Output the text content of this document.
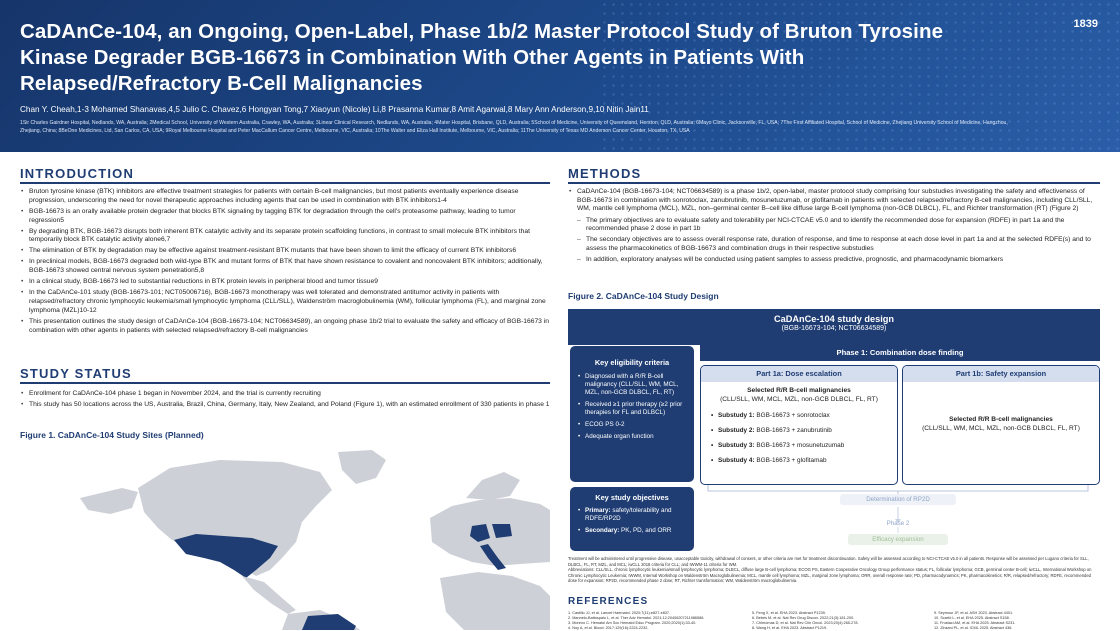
CaDAnCe-104, an Ongoing, Open-Label, Phase 1b/2 Master Protocol Study of Bruton Tyrosine Kinase Degrader BGB-16673 in Combination With Other Agents in Patients With Relapsed/Refractory B-Cell Malignancies
1839
Chan Y. Cheah,1-3 Mohamed Shanavas,4,5 Julio C. Chavez,6 Hongyan Tong,7 Xiaoyun (Nicole) Li,8 Prasanna Kumar,8 Amit Agarwal,8 Mary Ann Anderson,9,10 Nitin Jain11
1Sir Charles Gairdner Hospital, Nedlands, WA, Australia; 2Medical School, University of Western Australia, Crawley, WA, Australia; 3Linear Clinical Research, Nedlands, WA, Australia; 4Mater Hospital, Brisbane, QLD, Australia; 5School of Medicine, University of Queensland, Herston, QLD, Australia; 6Mayo Clinic, Jacksonville, FL, USA; 7The First Affiliated Hospital, School of Medicine, Zhejiang University School of Medicine, Hangzhou, Zhejiang, China; 8BeOne Medicines, Ltd, San Carlos, CA, USA; 9Royal Melbourne Hospital and Peter MacCallum Cancer Centre, Melbourne, VIC, Australia; 10The Walter and Eliza Hall Institute, Melbourne, VIC, Australia; 11The University of Texas MD Anderson Cancer Center, Houston, TX, USA
INTRODUCTION
• Bruton tyrosine kinase (BTK) inhibitors are effective treatment strategies for patients with certain B-cell malignancies, but most patients eventually experience disease progression, underscoring the need for novel therapeutic approaches including agents that can be used in combination with BTK inhibitors1-4
• BGB-16673 is an orally available protein degrader that blocks BTK signaling by tagging BTK for degradation through the cell's proteasome pathway, leading to tumor regression5
• By degrading BTK, BGB-16673 disrupts both inherent BTK catalytic activity and its separate protein scaffolding functions, in contrast to small molecule BTK inhibitors that temporarily block BTK catalytic activity alone6,7
• The elimination of BTK by degradation may be effective against treatment-resistant BTK mutants that have been shown to limit the efficacy of current BTK inhibitors6
• In preclinical models, BGB-16673 degraded both wild-type BTK and mutant forms of BTK that have shown resistance to covalent and noncovalent BTK inhibitors; additionally, BGB-16673 showed central nervous system penetration5,8
• In a clinical study, BGB-16673 led to substantial reductions in BTK protein levels in peripheral blood and tumor tissue9
• In the CaDAnCe-101 study (BGB-16673-101; NCT05006716), BGB-16673 monotherapy was well tolerated and demonstrated antitumor activity in patients with relapsed/refractory chronic lymphocytic leukemia/small lymphocytic lymphoma (CLL/SLL), Waldenström macroglobulinemia (WM), follicular lymphoma (FL), and marginal zone lymphoma (MZL)10-12
• This presentation outlines the study design of CaDAnCe-104 (BGB-16673-104; NCT06634589), an ongoing phase 1b/2 trial to evaluate the safety and efficacy of BGB-16673 in combination with other agents in patients with selected relapsed/refractory B-cell malignancies
STUDY STATUS
• Enrollment for CaDAnCe-104 phase 1 began in November 2024, and the trial is currently recruiting
• This study has 50 locations across the US, Australia, Brazil, China, Germany, Italy, New Zealand, and Poland (Figure 1), with an estimated enrollment of 330 patients in phase 1
Figure 1. CaDAnCe-104 Study Sites (Planned)
METHODS
• CaDAnCe-104 (BGB-16673-104; NCT06634589) is a phase 1b/2, open-label, master protocol study comprising four substudies investigating the safety and effectiveness of BGB-16673 in combination with sonrotoclax, zanubrutinib, mosunetuzumab, or glofitamab in patients with selected relapsed/refractory B-cell malignancies, including CLL/SLL, WM, mantle cell lymphoma (MCL), MZL, non–germinal center B–cell like diffuse large B-cell lymphoma (non-GCB DLBCL), FL, and Richter transformation (RT) (Figure 2)
– The primary objectives are to evaluate safety and tolerability per NCI-CTCAE v5.0 and to identify the recommended dose for expansion (RDFE) in part 1a and the recommended phase 2 dose in part 1b
– The secondary objectives are to assess overall response rate, duration of response, and time to response at each dose level in part 1a and at the selected RDFE(s) and to assess the pharmacokinetics of BGB-16673 and combination drugs in their respective substudies
– In addition, exploratory analyses will be conducted using patient samples to assess predictive, prognostic, and pharmacodynamic biomarkers
Figure 2. CaDAnCe-104 Study Design
CaDAnCe-104 study design
(BGB-16673-104; NCT06634589)
Key eligibility criteria
• Diagnosed with a R/R B-cell malignancy (CLL/SLL, WM, MCL, MZL, non-GCB DLBCL, FL, RT)
• Received ≥1 prior therapy (≥2 prior therapies for FL and DLBCL)
• ECOG PS 0-2
• Adequate organ function
Key study objectives
• Primary: safety/tolerability and RDFE/RP2D
• Secondary: PK, PD, and ORR
Phase 1: Combination dose finding
Part 1a: Dose escalation
Selected R/R B-cell malignancies
(CLL/SLL, WM, MCL, MZL, non-GCB DLBCL, FL, RT)
• Substudy 1: BGB-16673 + sonrotoclax
• Substudy 2: BGB-16673 + zanubrutinib
• Substudy 3: BGB-16673 + mosunetuzumab
• Substudy 4: BGB-16673 + glofitamab
Part 1b: Safety expansion
Selected R/R B-cell malignancies
(CLL/SLL, WM, MCL, MZL, non-GCB DLBCL, FL, RT)
Determination of RP2D
Phase 2
Efficacy expansion
Treatment will be administered until progressive disease, unacceptable toxicity, withdrawal of consent, or other criteria are met for treatment discontinuation. Safety will be assessed according to NCI-CTCAE v5.0 in all patients. Response will be assessed per Lugano criteria for SLL, DLBCL, FL, RT, MZL, and MCL; iwCLL 2018 criteria for CLL; and IWWM-11 criteria for WM.
Abbreviations: CLL/SLL, chronic lymphocytic leukemia/small lymphocytic lymphoma; DLBCL, diffuse large B-cell lymphoma; ECOG PS, Eastern Cooperative Oncology Group performance status; FL, follicular lymphoma; GCB, germinal center B-cell; iwCLL, International Workshop on Chronic Lymphocytic Leukemia; IWWM, Internal Workshop on Waldenström Macroglobulinemia; MCL, mantle cell lymphoma; MZL, marginal zone lymphoma; ORR, overall response rate; PD, pharmacodynamics; PK, pharmacokinetics; R/R, relapsed/refractory; RDFE, recommended dose for expansion; RP2D, recommended phase 2 dose; RT, Richter transformation; WM, Waldenström macroglobulinemia.
REFERENCES
1. Castillo JJ, et al. Lancet Haematol. 2020;7(11):e827-e837.
2. Mannelo-Battospalo L, et al. Ther Adv Hematol. 2021;12:20406207211986586.
3. Moreno C. Hematol Am Soc Hematol Educ Program. 2020;2020(1):33-40.
4. Noy A, et al. Blood. 2017;129(16):2224-2232.
5. Feng X, et al. EHA 2023. Abstract P1239.
6. Bebés M, et al. Nat Rev Drug Discov. 2022;21(3):181-200.
7. Chirnomas D, et al. Nat Rev Clin Oncol. 2023;20(4):265-278.
8. Wang H, et al. EHA 2023. Abstract P1219.
9. Seymour JF, et al. ASH 2023. Abstract 4401.
10. Scarfò L, et al. EHA 2025. Abstract S158.
11. Frustaci AM, et al. EHA 2025. Abstract S231.
12. Zinzani PL, et al. ICML 2025. Abstract 436.
